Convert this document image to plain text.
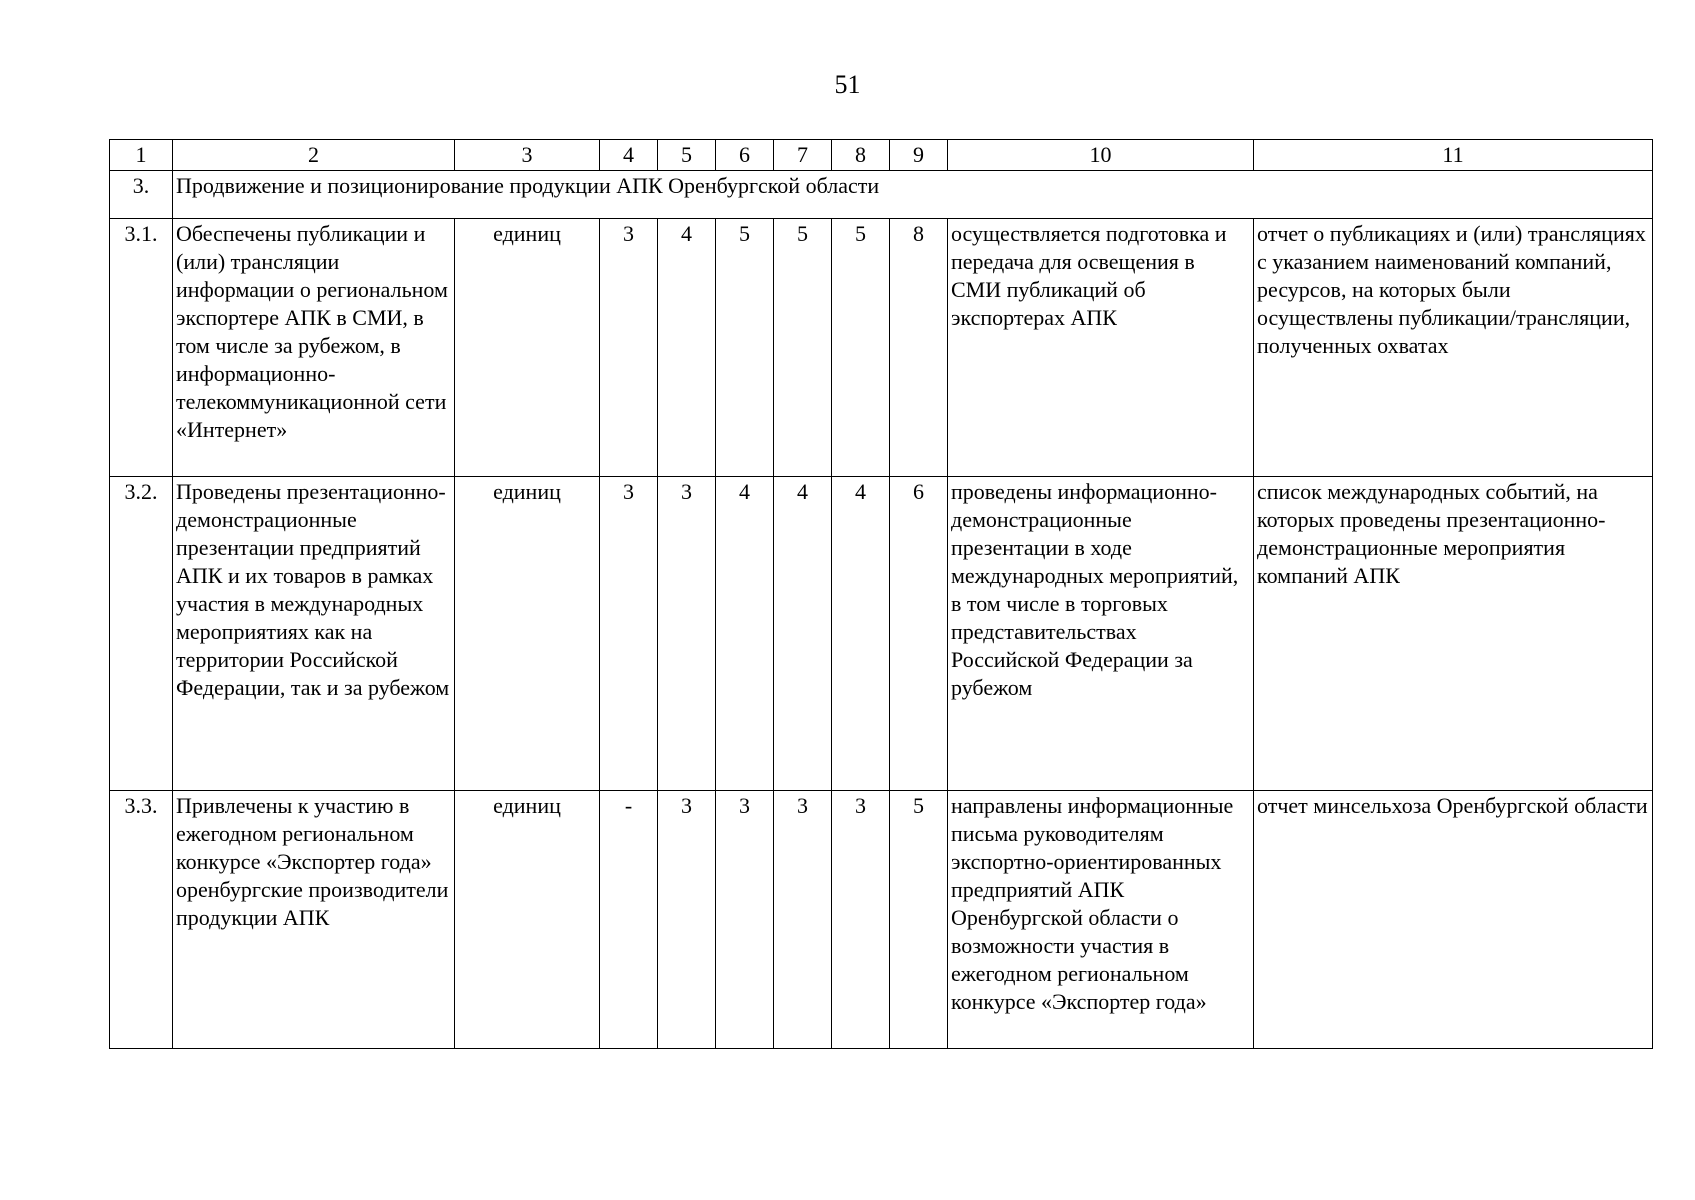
51
1	2	3	4	5	6	7	8	9	10	11
3.	Продвижение и позиционирование продукции АПК Оренбургской области									
3.1.	Обеспечены публикации и (или) трансляции информации о региональном экспортере АПК в СМИ, в том числе за рубежом, в информационно-телекоммуникационной сети «Интернет»	единиц	3	4	5	5	5	8	осуществляется подготовка и передача для освещения в СМИ публикаций об экспортерах АПК	отчет о публикациях и (или) трансляциях с указанием наименований компаний, ресурсов, на которых были осуществлены публикации/трансляции, полученных охватах
3.2.	Проведены презентационно-демонстрационные презентации предприятий АПК и их товаров в рамках участия в международных мероприятиях как на территории Российской Федерации, так и за рубежом	единиц	3	3	4	4	4	6	проведены информационно-демонстрационные презентации в ходе международных мероприятий, в том числе в торговых представительствах Российской Федерации за рубежом	список международных событий, на которых проведены презентационно-демонстрационные мероприятия компаний АПК
3.3.	Привлечены к участию в ежегодном региональном конкурсе «Экспортер года» оренбургские производители продукции АПК	единиц	-	3	3	3	3	5	направлены информационные письма руководителям экспортно-ориентированных предприятий АПК Оренбургской области о возможности участия в ежегодном региональном конкурсе «Экспортер года»	отчет минсельхоза Оренбургской области
